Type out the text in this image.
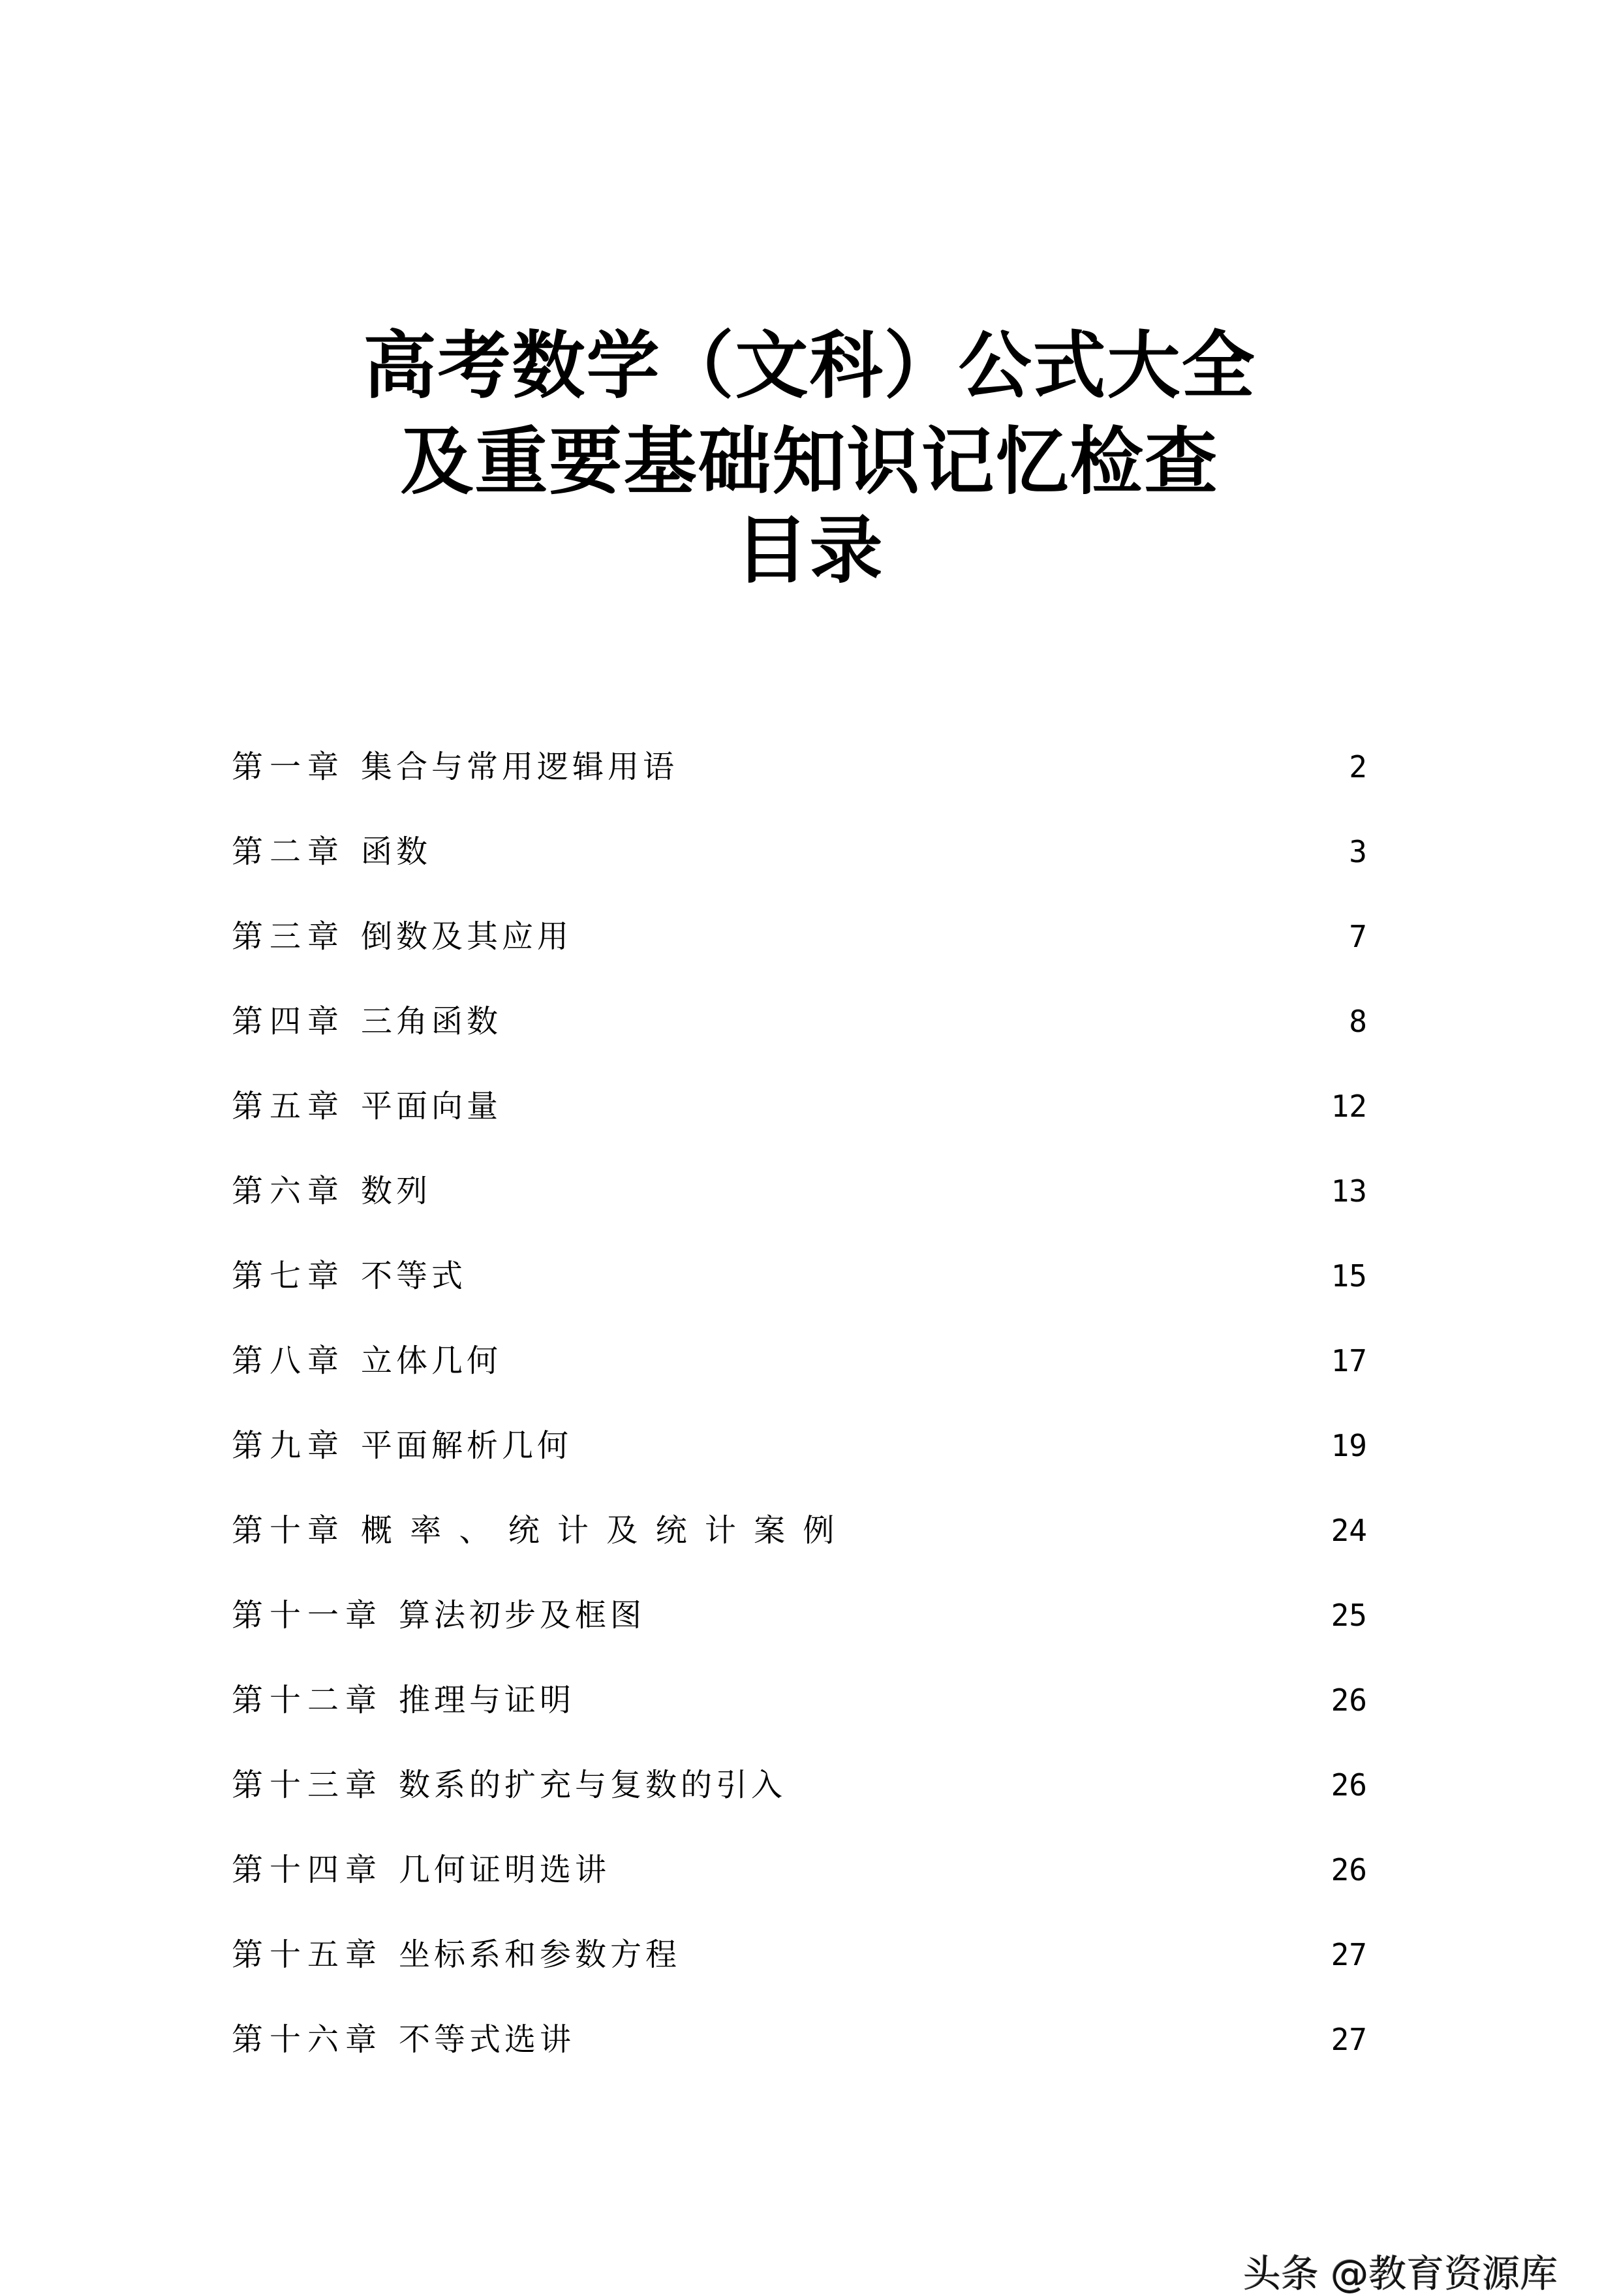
高考数学（文科）公式大全
及重要基础知识记忆检查
目录
第一章 集合与常用逻辑用语	2
第二章 函数	3
第三章 倒数及其应用	7
第四章 三角函数	8
第五章 平面向量	12
第六章 数列	13
第七章 不等式	15
第八章 立体几何	17
第九章 平面解析几何	19
第十章 概 率 、 统 计 及 统 计 案 例	24
第十一章 算法初步及框图	25
第十二章 推理与证明	26
第十三章 数系的扩充与复数的引入	26
第十四章 几何证明选讲	26
第十五章 坐标系和参数方程	27
第十六章 不等式选讲	27
头条 @教育资源库
